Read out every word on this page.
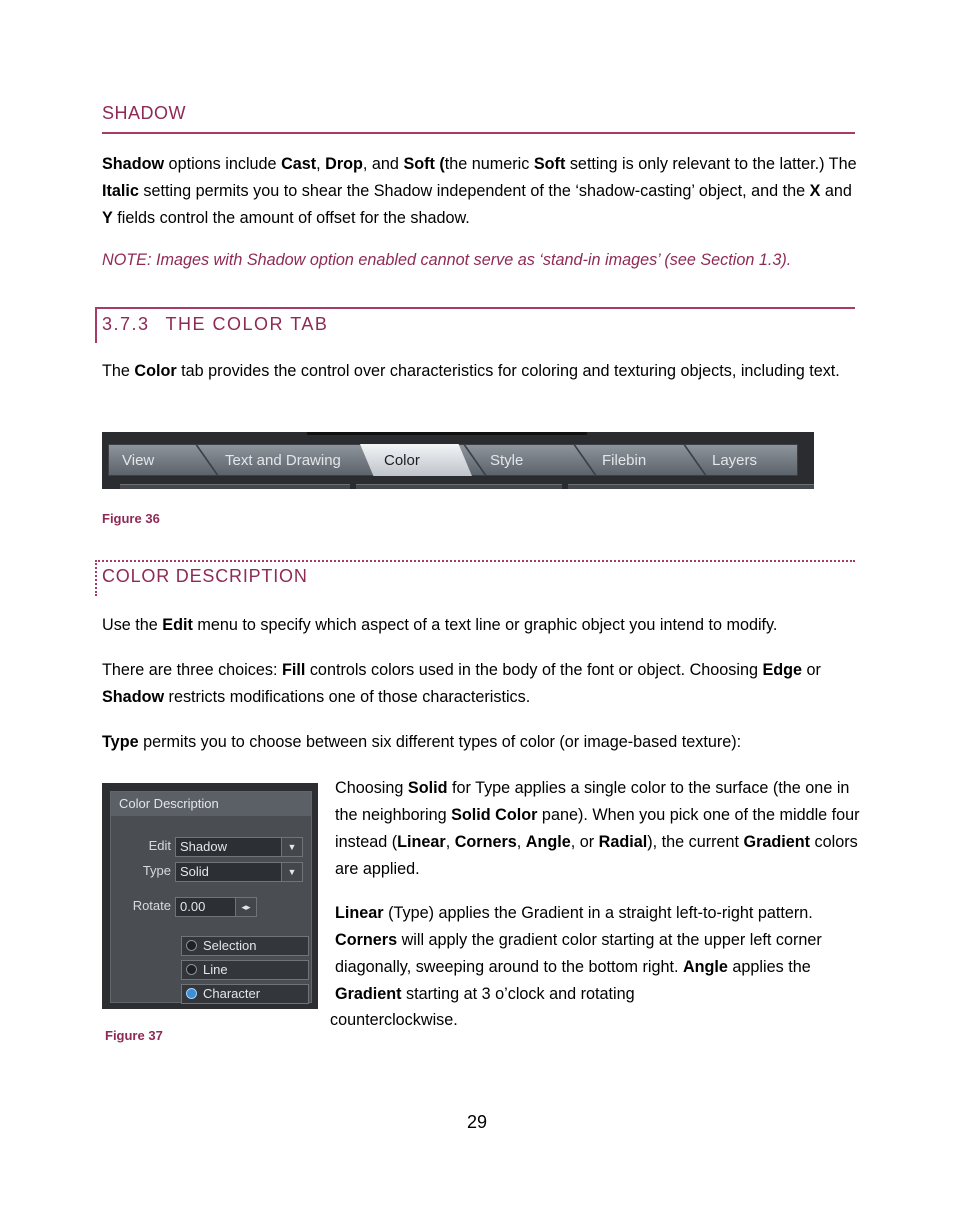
SHADOW
Shadow options include Cast, Drop, and Soft (the numeric Soft setting is only relevant to the latter.) The Italic setting permits you to shear the Shadow independent of the ‘shadow-casting’ object, and the X and Y fields control the amount of offset for the shadow.
NOTE: Images with Shadow option enabled cannot serve as ‘stand-in images’ (see Section 1.3).
3.7.3 THE COLOR TAB
The Color tab provides the control over characteristics for coloring and texturing objects, including text.
View	Text and Drawing	Color	Style	Filebin	Layers
Figure 36
COLOR DESCRIPTION
Use the Edit menu to specify which aspect of a text line or graphic object you intend to modify.
There are three choices: Fill controls colors used in the body of the font or object. Choosing Edge or Shadow restricts modifications one of those characteristics.
Type permits you to choose between six different types of color (or image-based texture):
Color Description
Edit Shadow	▼
Type Solid	▼
Rotate 0.00	◂▸
Selection
Line
Character
Figure 37
Choosing Solid for Type applies a single color to the surface (the one in the neighboring Solid Color pane). When you pick one of the middle four instead (Linear, Corners, Angle, or Radial), the current Gradient colors are applied.
Linear (Type) applies the Gradient in a straight left-to-right pattern. Corners will apply the gradient color starting at the upper left corner diagonally, sweeping around to the bottom right. Angle applies the Gradient starting at 3 o’clock and rotating
counterclockwise.
29
